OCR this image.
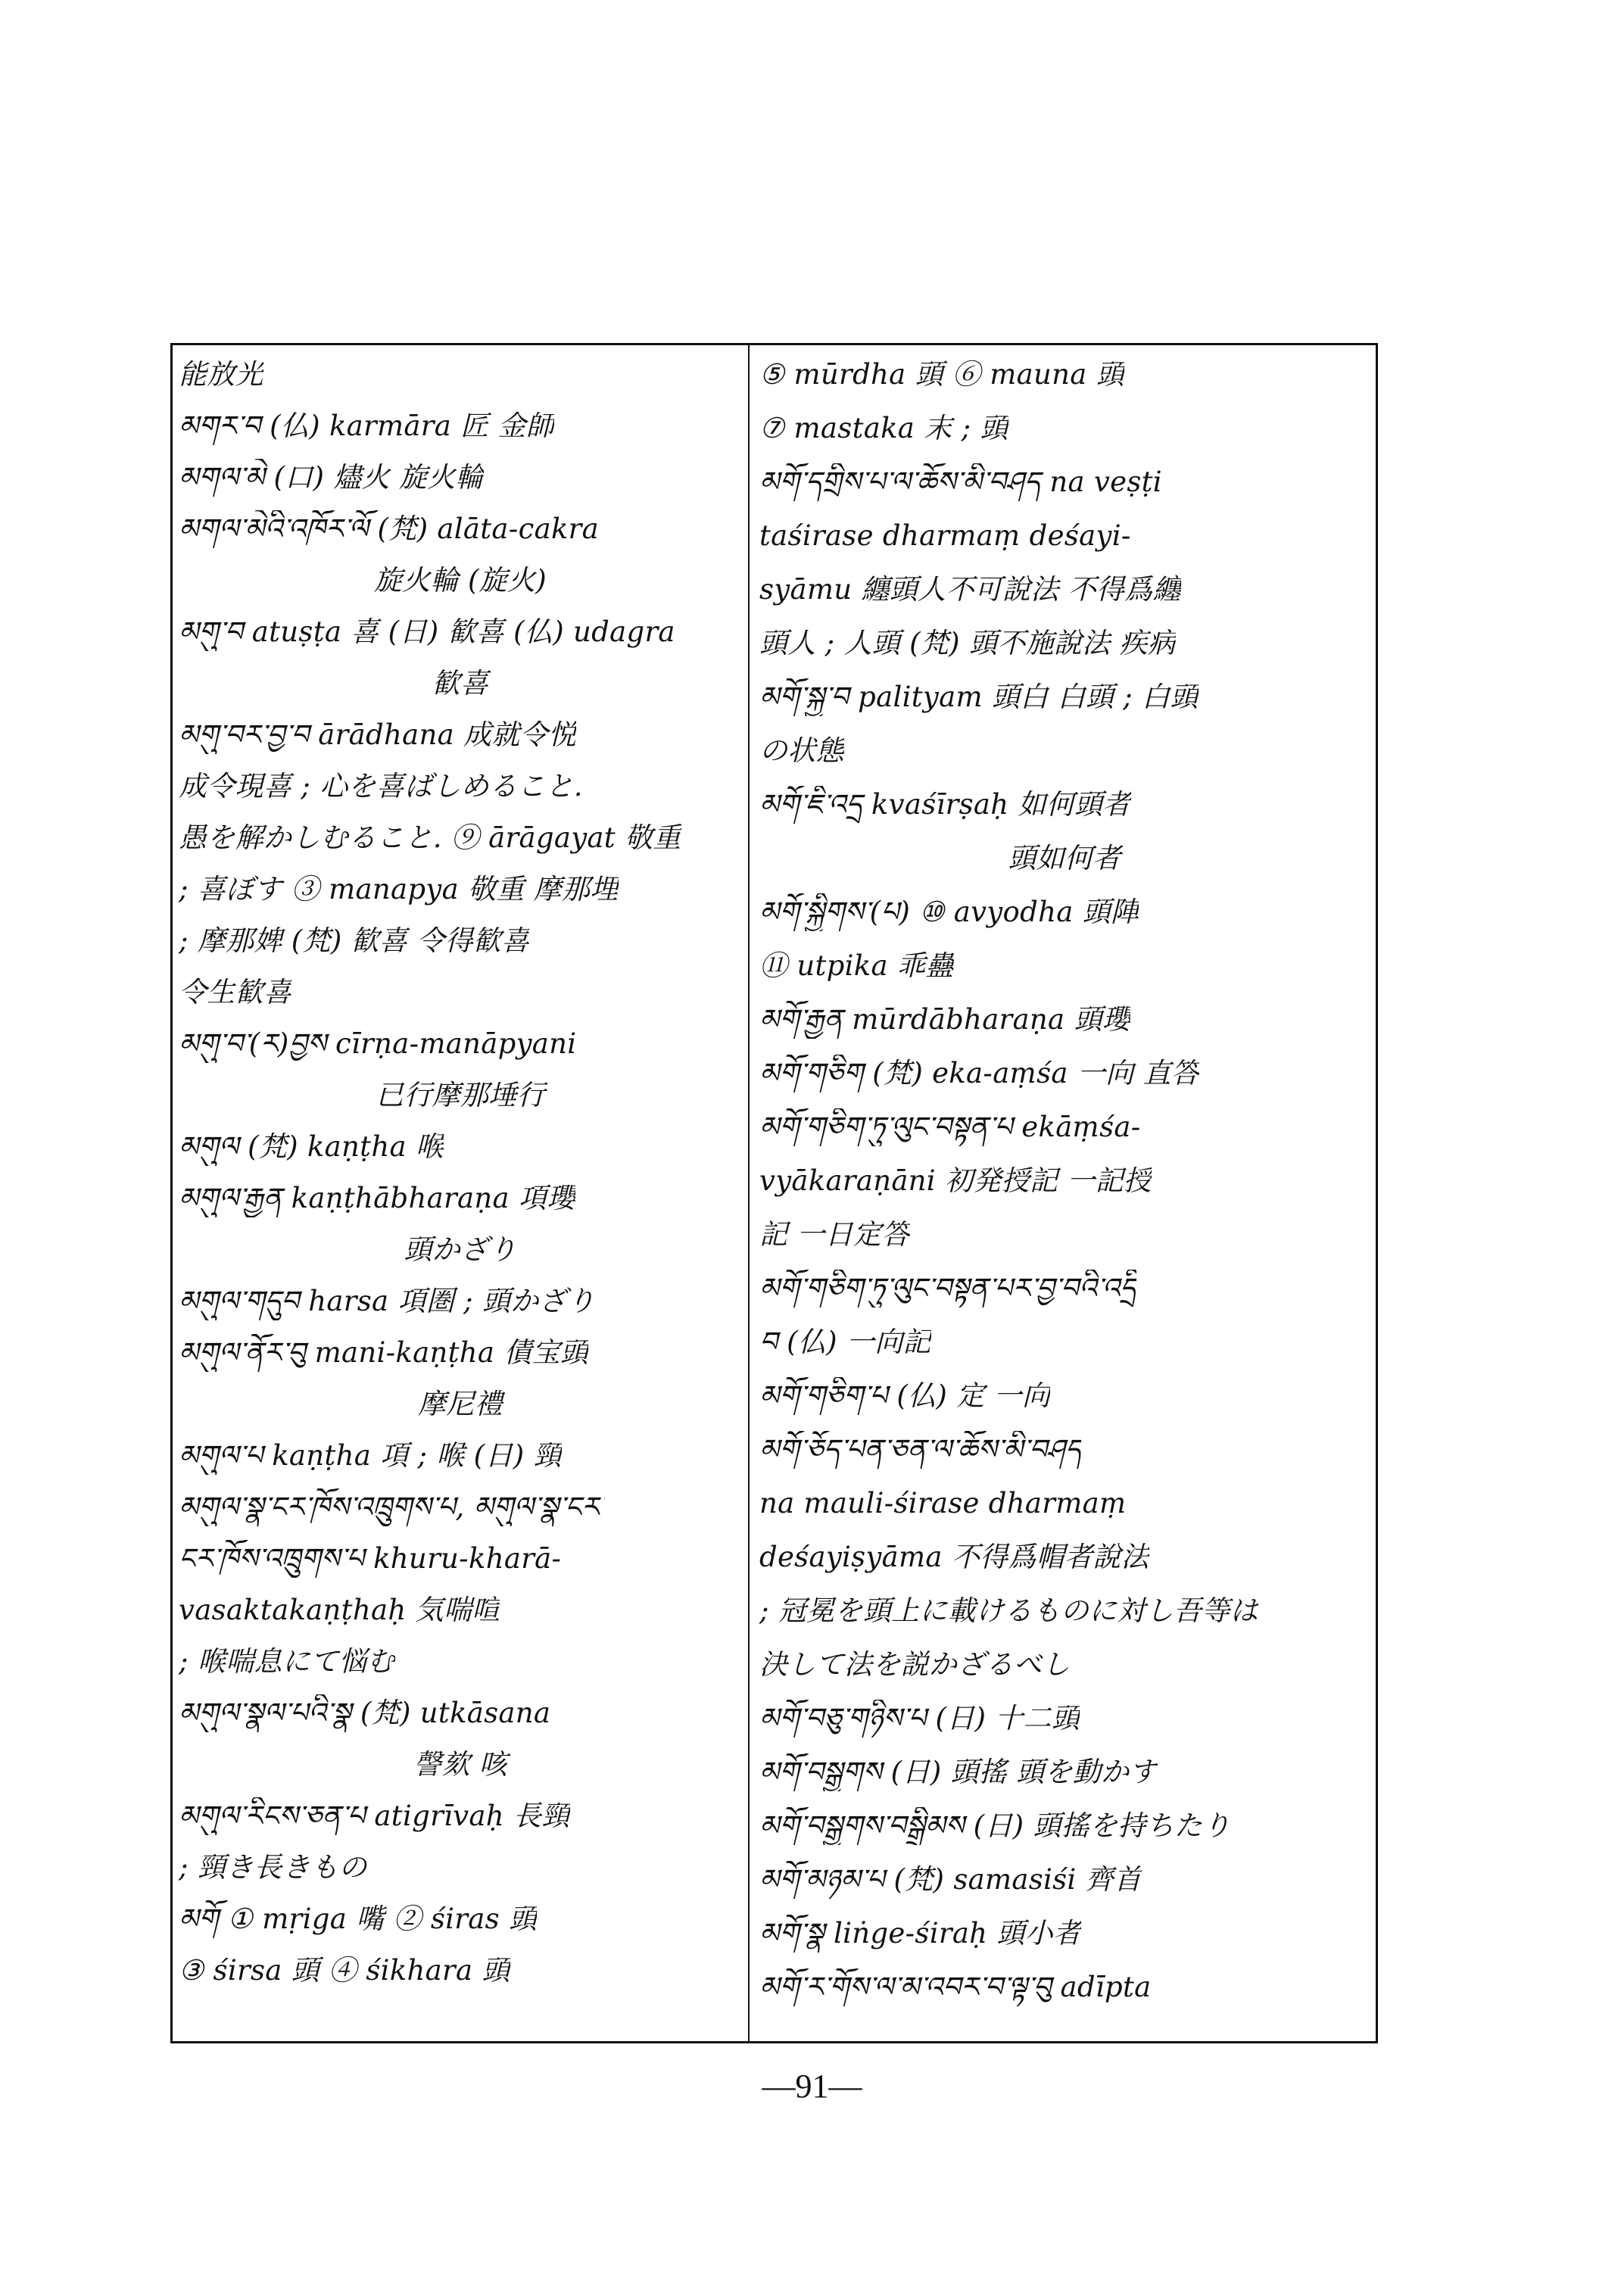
能放光
མགར་བ (仏) karmāra 匠 金師
མགལ་མེ (口) 燼火 旋火輪
མགལ་མེའི་འཁོར་ལོ (梵) alāta-cakra
旋火輪 (旋火)
མགུ་བ atuṣṭa 喜 (日) 歓喜 (仏) udagra
歓喜
མགུ་བར་བྱ་བ ārādhana 成就令悦
成令現喜 ; 心を喜ばしめること.
愚を解かしむること. ⑨ ārāgayat 敬重
; 喜ぼす ③ manapya 敬重 摩那埋
; 摩那婢 (梵) 歓喜 令得歓喜
令生歓喜
མགུ་བ་(ར)བྱས cīrṇa-manāpyani
已行摩那埵行
མགུལ (梵) kaṇṭha 喉
མགུལ་རྒྱན kaṇṭhābharaṇa 項瓔
頭かざり
མགུལ་གདུབ harsa 項圏 ; 頭かざり
མགུལ་ནོར་བུ mani-kaṇṭha 債宝頭
摩尼禮
མགུལ་པ kaṇṭha 項 ; 喉 (日) 頸
མགུལ་སྣ་ངར་ཁོས་འཁྲུགས་པ, མགུལ་སྣ་ངར་
ངར་ཁོས་འཁྲུགས་པ khuru-kharā-
vasaktakaṇṭhaḥ 気喘喧
; 喉喘息にて悩む
མགུལ་སྣལ་པའི་སྣ (梵) utkāsana
謦欬 咳
མགུལ་རིངས་ཅན་པ atigrīvaḥ 長頸
; 頸き長きもの
མགོ ① mṛiga 嘴 ② śiras 頭
③ śirsa 頭 ④ śikhara 頭
⑤ mūrdha 頭 ⑥ mauna 頭
⑦ mastaka 末 ; 頭
མགོ་དགྲིས་པ་ལ་ཆོས་མི་བཤད na veṣṭi
taśirase dharmaṃ deśayi-
syāmu 纏頭人不可說法 不得爲纏
頭人 ; 人頭 (梵) 頭不施說法 疾病
མགོ་སྐྱ་བ palityam 頭白 白頭 ; 白頭
の状態
མགོ་ཇི་འདྲ kvaśīrṣaḥ 如何頭者
頭如何者
མགོ་སྐྱིགས་(པ) ⑩ avyodha 頭陣
⑪ utpika 乖蠱
མགོ་རྒྱན mūrdābharaṇa 頭瓔
མགོ་གཅིག (梵) eka-aṃśa 一向 直答
མགོ་གཅིག་ཏུ་ལུང་བསྟན་པ ekāṃśa-
vyākaraṇāni 初発授記 一記授
記 一日定答
མགོ་གཅིག་ཏུ་ལུང་བསྟན་པར་བྱ་བའི་འདྲི
བ (仏) 一向記
མགོ་གཅིག་པ (仏) 定 一向
མགོ་ཅོད་པན་ཅན་ལ་ཆོས་མི་བཤད
na mauli-śirase dharmaṃ
deśayiṣyāma 不得爲帽者說法
; 冠冕を頭上に載けるものに対し吾等は
決して法を説かざるべし
མགོ་བཅུ་གཉིས་པ (日) 十二頭
མགོ་བསྒྱགས (日) 頭搖 頭を動かす
མགོ་བསྒྱགས་བསྒྲིམས (日) 頭搖を持ちたり
མགོ་མཉམ་པ (梵) samasiśi 齊首
མགོ་སྣ liṅge-śiraḥ 頭小者
མགོ་ར་གོས་ལ་མ་འབར་བ་ལྟ་བུ adīpta
—91—
